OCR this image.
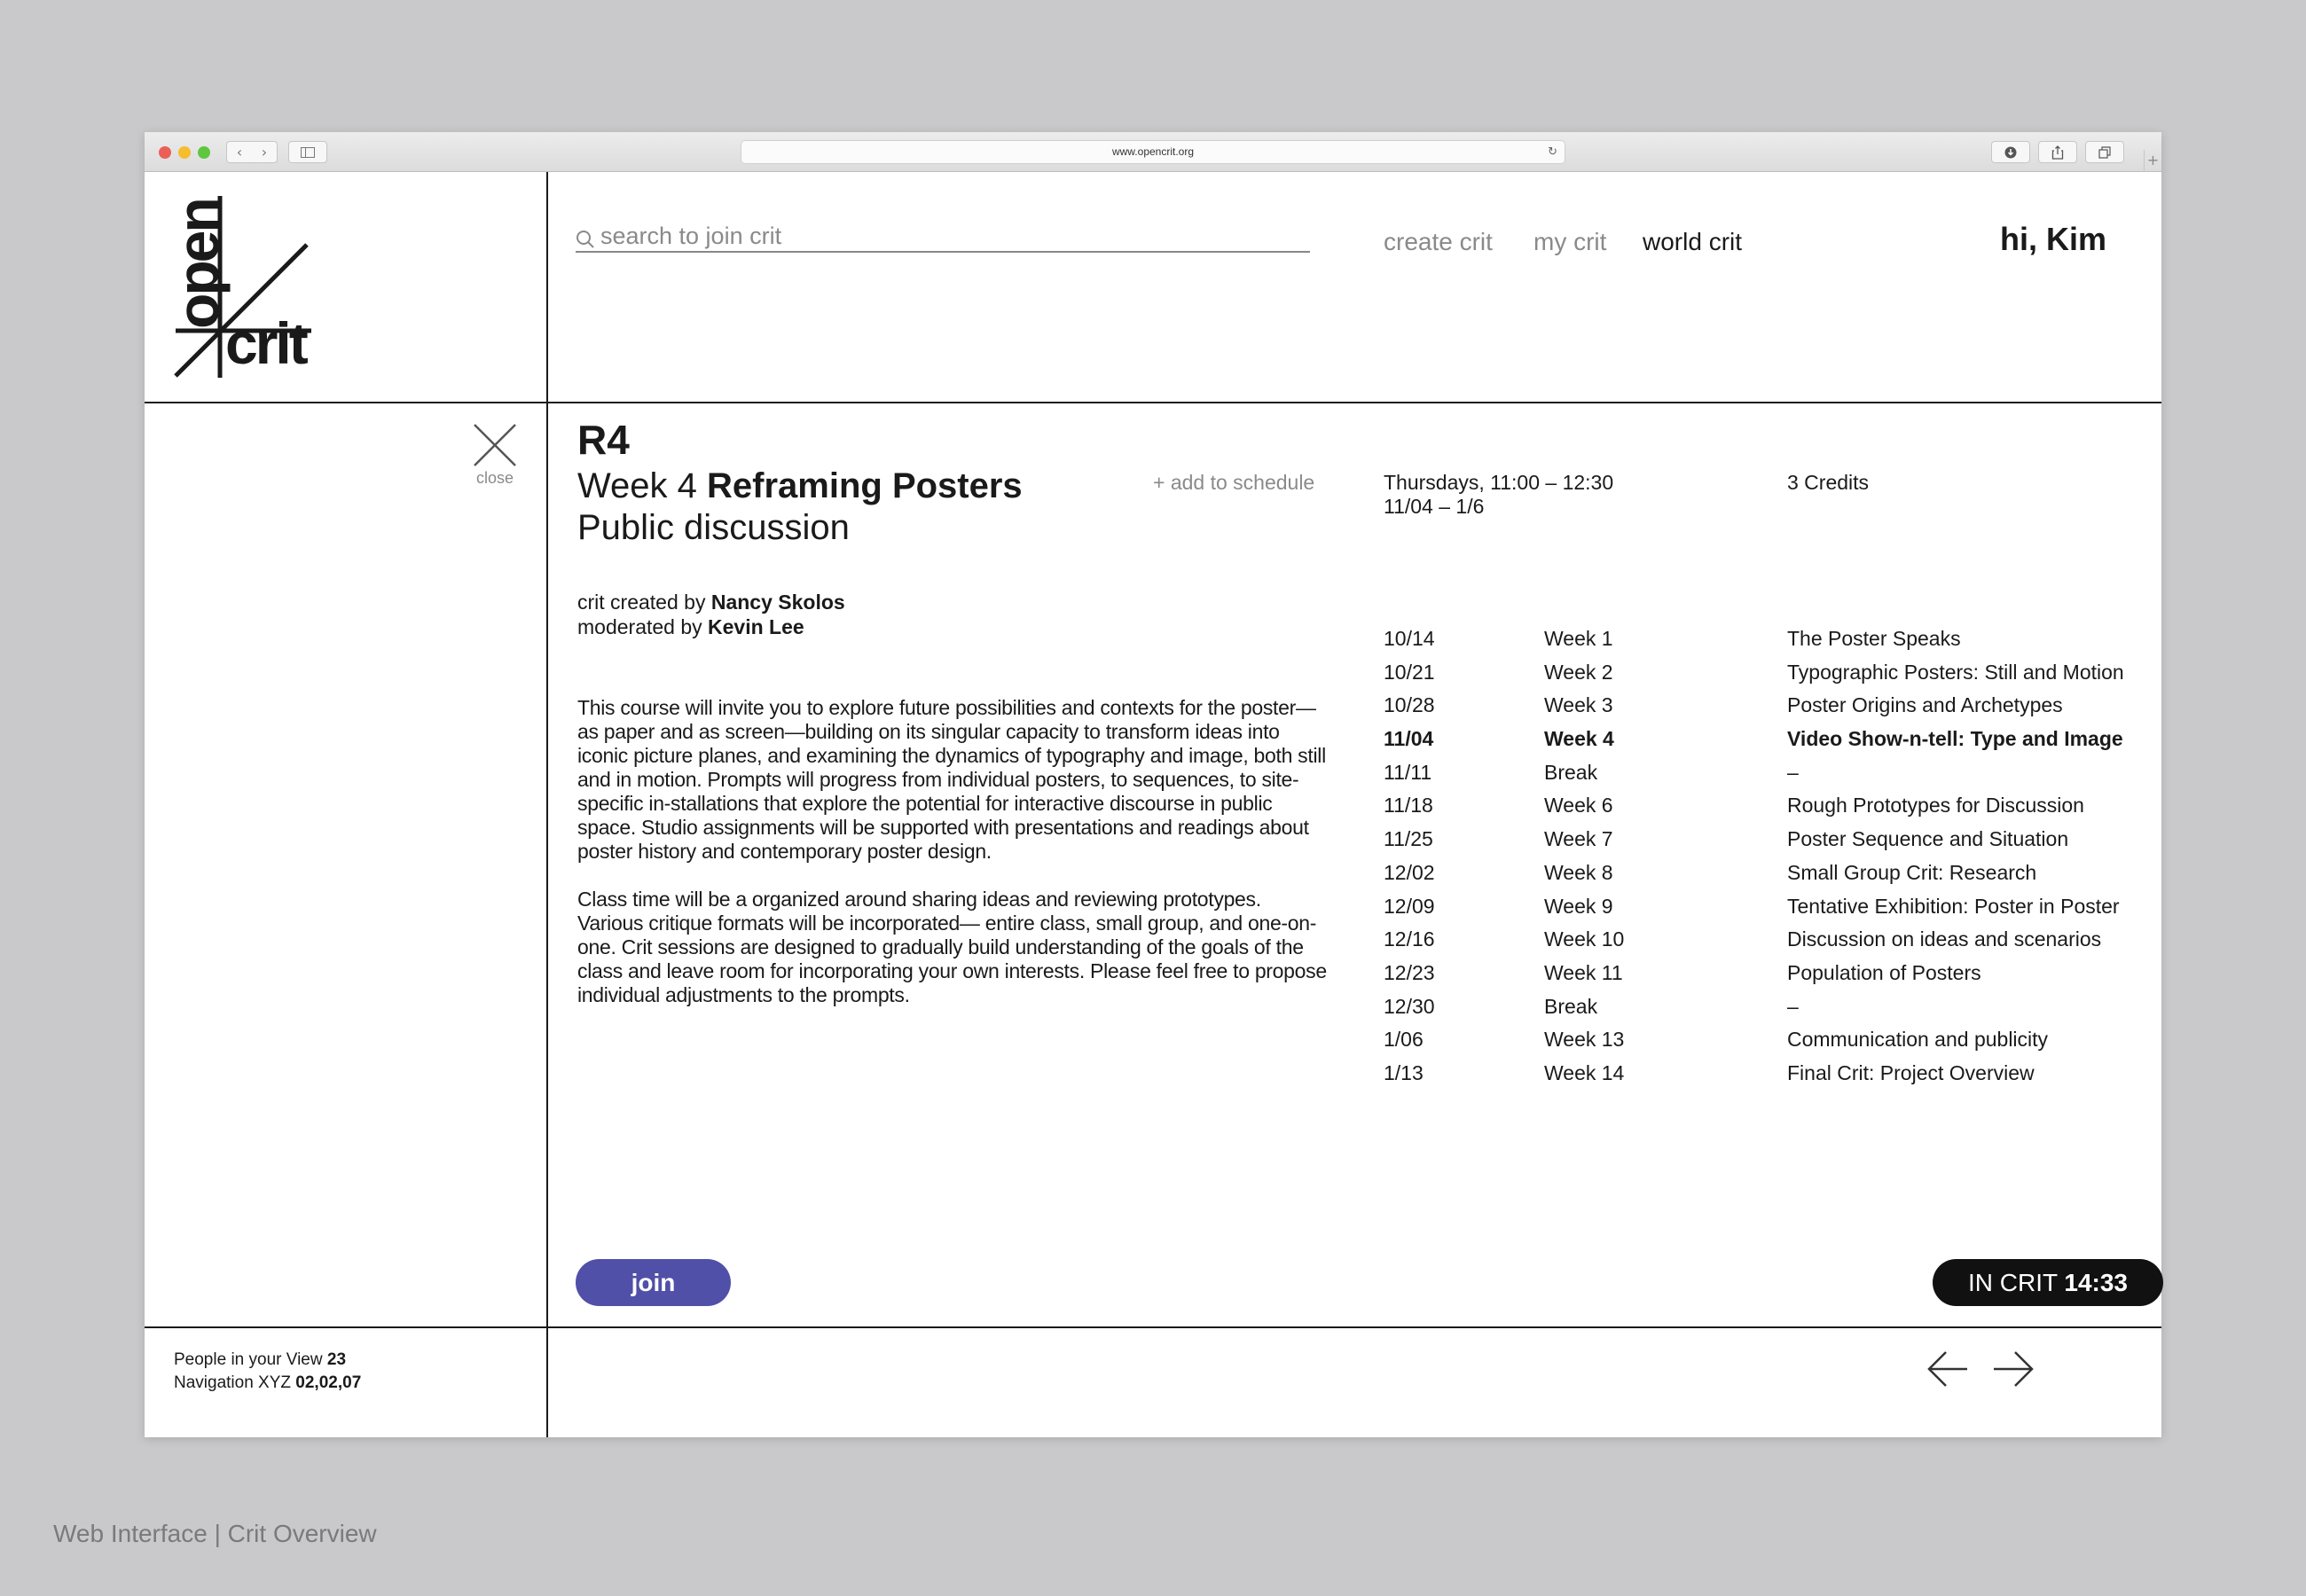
‹	›	www.opencrit.org	↻	+
open
crit
search to join crit
create crit my crit world crit	hi, Kim
close
R4
Week 4 Reframing Posters
Public discussion
+ add to schedule	Thursdays, 11:00 – 12:30
11/04 – 1/6
3 Credits
crit created by Nancy Skolos
moderated by Kevin Lee

This course will invite you to explore future possibilities and contexts for the poster—as paper and as screen—building on its singular capacity to transform ideas into iconic picture planes, and examining the dynamics of typography and image, both still and in motion. Prompts will progress from individual posters, to sequences, to site-specific in-stallations that explore the potential for interactive discourse in public space. Studio assignments will be supported with presentations and readings about poster history and contemporary poster design.

Class time will be a organized around sharing ideas and reviewing prototypes. Various critique formats will be incorporated— entire class, small group, and one-on-one. Crit sessions are designed to gradually build understanding of the goals of the class and leave room for incorporating your own interests. Please feel free to propose individual adjustments to the prompts.

10/14	Week 1	The Poster Speaks
10/21	Week 2	Typographic Posters: Still and Motion
10/28	Week 3	Poster Origins and Archetypes
11/04	Week 4	Video Show-n-tell: Type and Image
11/11	Break	–
11/18	Week 6	Rough Prototypes for Discussion
11/25	Week 7	Poster Sequence and Situation
12/02	Week 8	Small Group Crit: Research
12/09	Week 9	Tentative Exhibition: Poster in Poster
12/16	Week 10	Discussion on ideas and scenarios
12/23	Week 11	Population of Posters
12/30	Break	–
1/06	Week 13	Communication and publicity
1/13	Week 14	Final Crit: Project Overview
join	IN CRIT 14:33
People in your View 23
Navigation XYZ 02,02,07
Web Interface | Crit Overview
